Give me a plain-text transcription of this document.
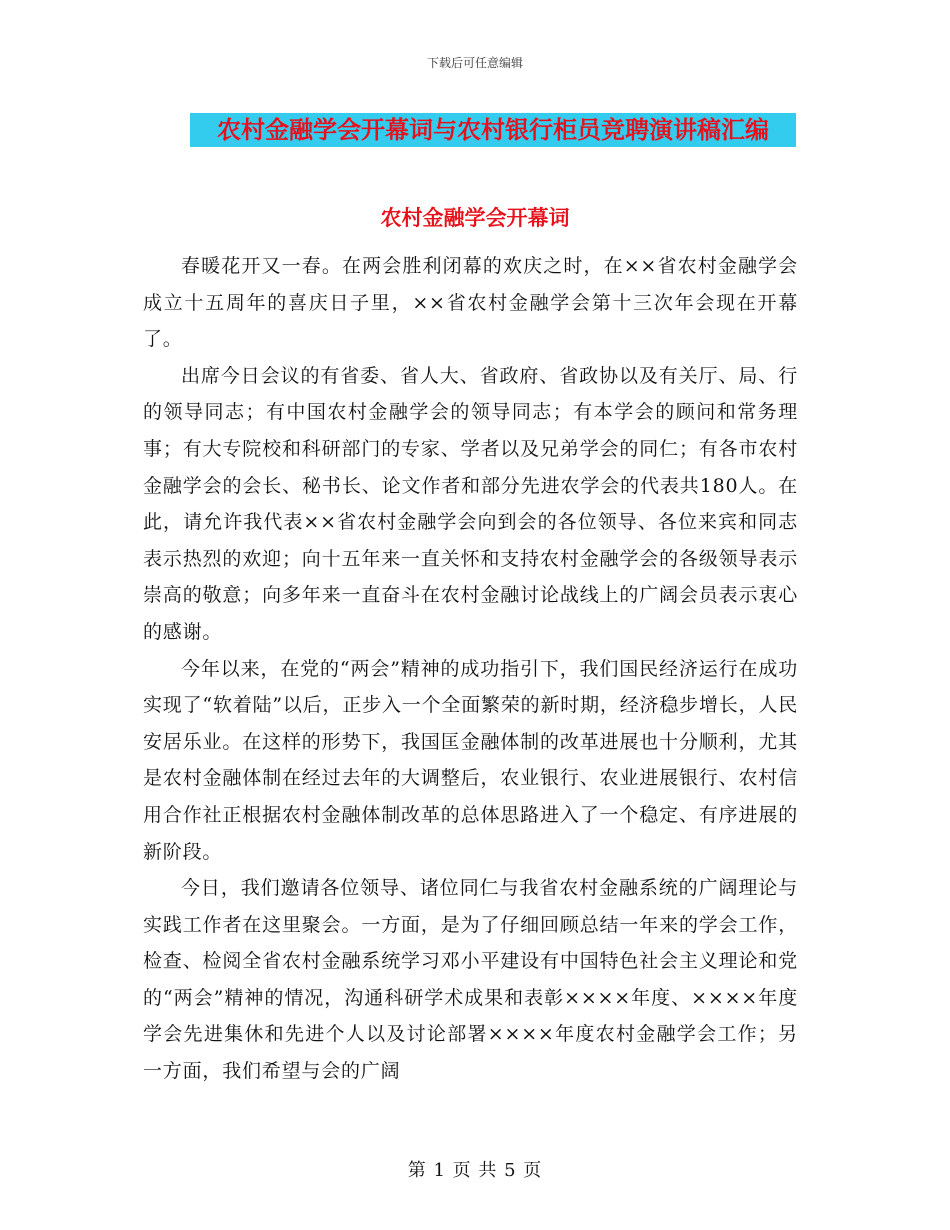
下载后可任意编辑
农村金融学会开幕词与农村银行柜员竞聘演讲稿汇编
农村金融学会开幕词

春暖花开又一春。在两会胜利闭幕的欢庆之时，在××省农村金融学会成立十五周年的喜庆日子里，××省农村金融学会第十三次年会现在开幕了。

出席今日会议的有省委、省人大、省政府、省政协以及有关厅、局、行的领导同志；有中国农村金融学会的领导同志；有本学会的顾问和常务理事；有大专院校和科研部门的专家、学者以及兄弟学会的同仁；有各市农村金融学会的会长、秘书长、论文作者和部分先进农学会的代表共180人。在此，请允许我代表××省农村金融学会向到会的各位领导、各位来宾和同志表示热烈的欢迎；向十五年来一直关怀和支持农村金融学会的各级领导表示崇高的敬意；向多年来一直奋斗在农村金融讨论战线上的广阔会员表示衷心的感谢。

今年以来，在党的“两会”精神的成功指引下，我们国民经济运行在成功实现了“软着陆”以后，正步入一个全面繁荣的新时期，经济稳步增长，人民安居乐业。在这样的形势下，我国匡金融体制的改革进展也十分顺利，尤其是农村金融体制在经过去年的大调整后，农业银行、农业进展银行、农村信用合作社正根据农村金融体制改革的总体思路进入了一个稳定、有序进展的新阶段。

今日，我们邀请各位领导、诸位同仁与我省农村金融系统的广阔理论与实践工作者在这里聚会。一方面，是为了仔细回顾总结一年来的学会工作，检查、检阅全省农村金融系统学习邓小平建设有中国特色社会主义理论和党的“两会”精神的情况，沟通科研学术成果和表彰××××年度、××××年度学会先进集休和先进个人以及讨论部署××××年度农村金融学会工作；另一方面，我们希望与会的广阔

第 1 页 共 5 页
